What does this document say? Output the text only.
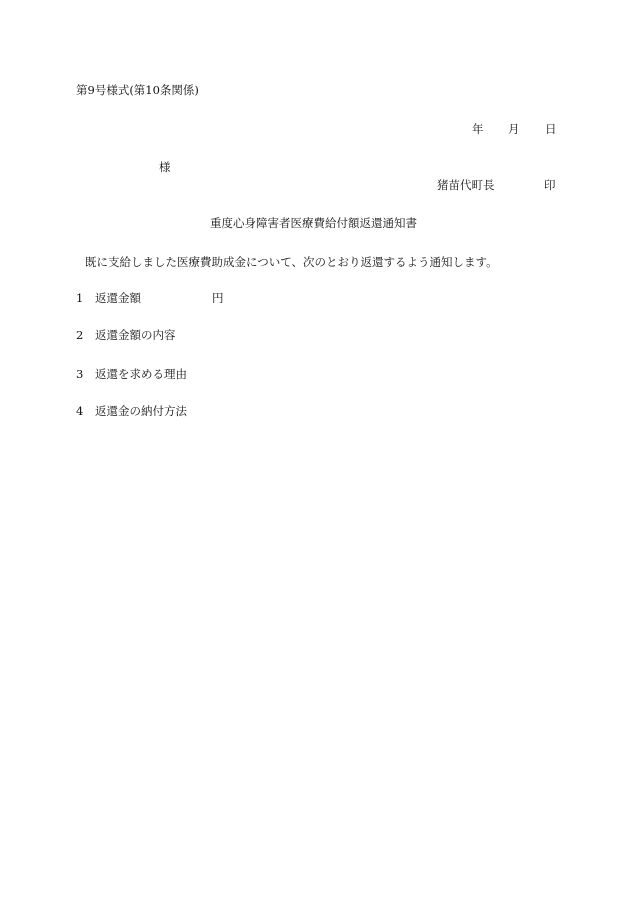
第9号様式(第10条関係)
年 月 日
様
猪苗代町長	印
重度心身障害者医療費給付額返還通知書
既に支給しました医療費助成金について、次のとおり返還するよう通知します。
1 返還金額	円
2 返還金額の内容
3 返還を求める理由
4 返還金の納付方法
